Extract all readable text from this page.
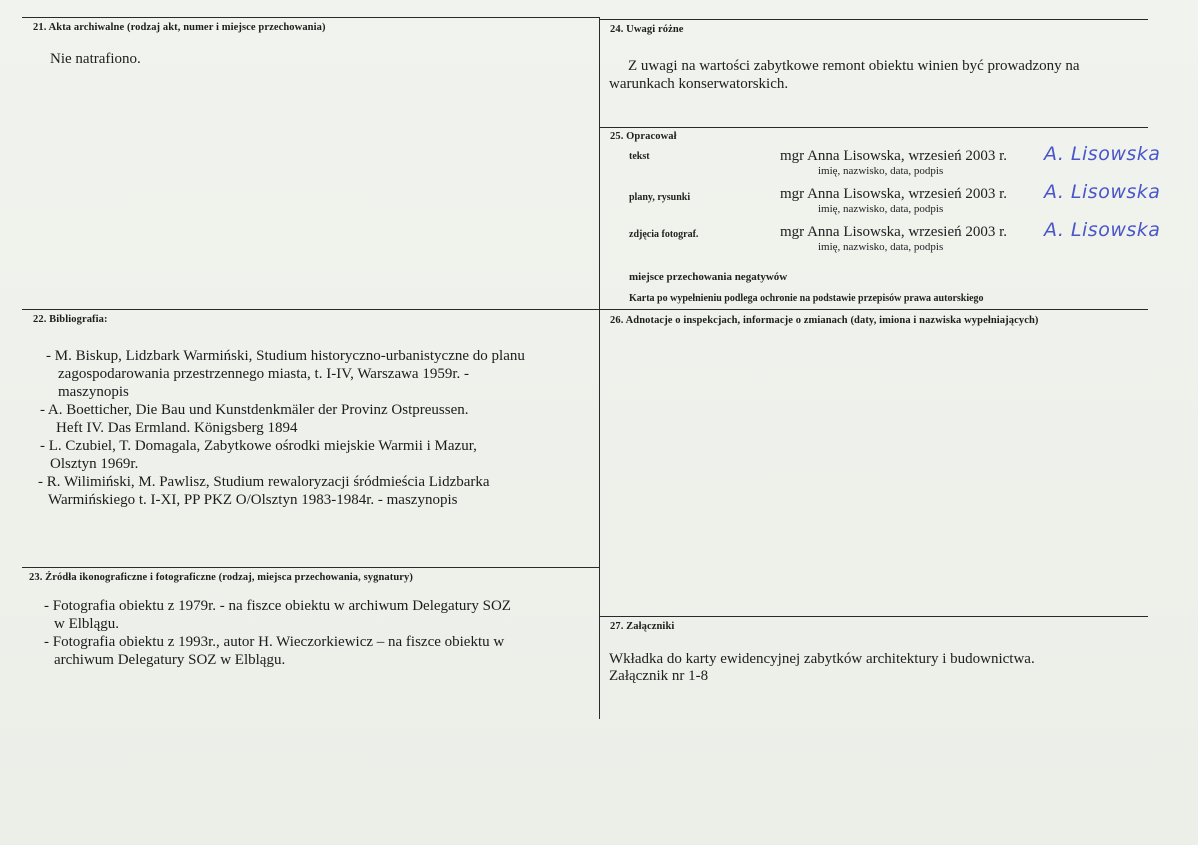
21. Akta archiwalne (rodzaj akt, numer i miejsce przechowania)
Nie natrafiono.
24. Uwagi różne
Z uwagi na wartości zabytkowe remont obiektu winien być prowadzony na
warunkach konserwatorskich.
25. Opracował
tekst	mgr Anna Lisowska, wrzesień 2003 r.
imię, nazwisko, data, podpis
A. Lisowska
plany, rysunki	mgr Anna Lisowska, wrzesień 2003 r.
imię, nazwisko, data, podpis
A. Lisowska
zdjęcia fotograf.	mgr Anna Lisowska, wrzesień 2003 r.
imię, nazwisko, data, podpis
A. Lisowska
miejsce przechowania negatywów
Karta po wypełnieniu podlega ochronie na podstawie przepisów prawa autorskiego
22. Bibliografia:
- M. Biskup, Lidzbark Warmiński, Studium historyczno-urbanistyczne do planu
zagospodarowania przestrzennego miasta, t. I-IV, Warszawa 1959r. -
maszynopis
- A. Boetticher, Die Bau und Kunstdenkmäler der Provinz Ostpreussen.
Heft IV. Das Ermland. Königsberg 1894
- L. Czubiel, T. Domagala, Zabytkowe ośrodki miejskie Warmii i Mazur,
Olsztyn 1969r.
- R. Wilimiński, M. Pawlisz, Studium rewaloryzacji śródmieścia Lidzbarka
Warmińskiego t. I-XI, PP PKZ O/Olsztyn 1983-1984r. - maszynopis
23. Źródła ikonograficzne i fotograficzne (rodzaj, miejsca przechowania, sygnatury)
- Fotografia obiektu z 1979r. - na fiszce obiektu w archiwum Delegatury SOZ
w Elblągu.
- Fotografia obiektu z 1993r., autor H. Wieczorkiewicz – na fiszce obiektu w
archiwum Delegatury SOZ w Elblągu.
26. Adnotacje o inspekcjach, informacje o zmianach (daty, imiona i nazwiska wypełniających)
27. Załączniki
Wkładka do karty ewidencyjnej zabytków architektury i budownictwa.
Załącznik nr 1-8
